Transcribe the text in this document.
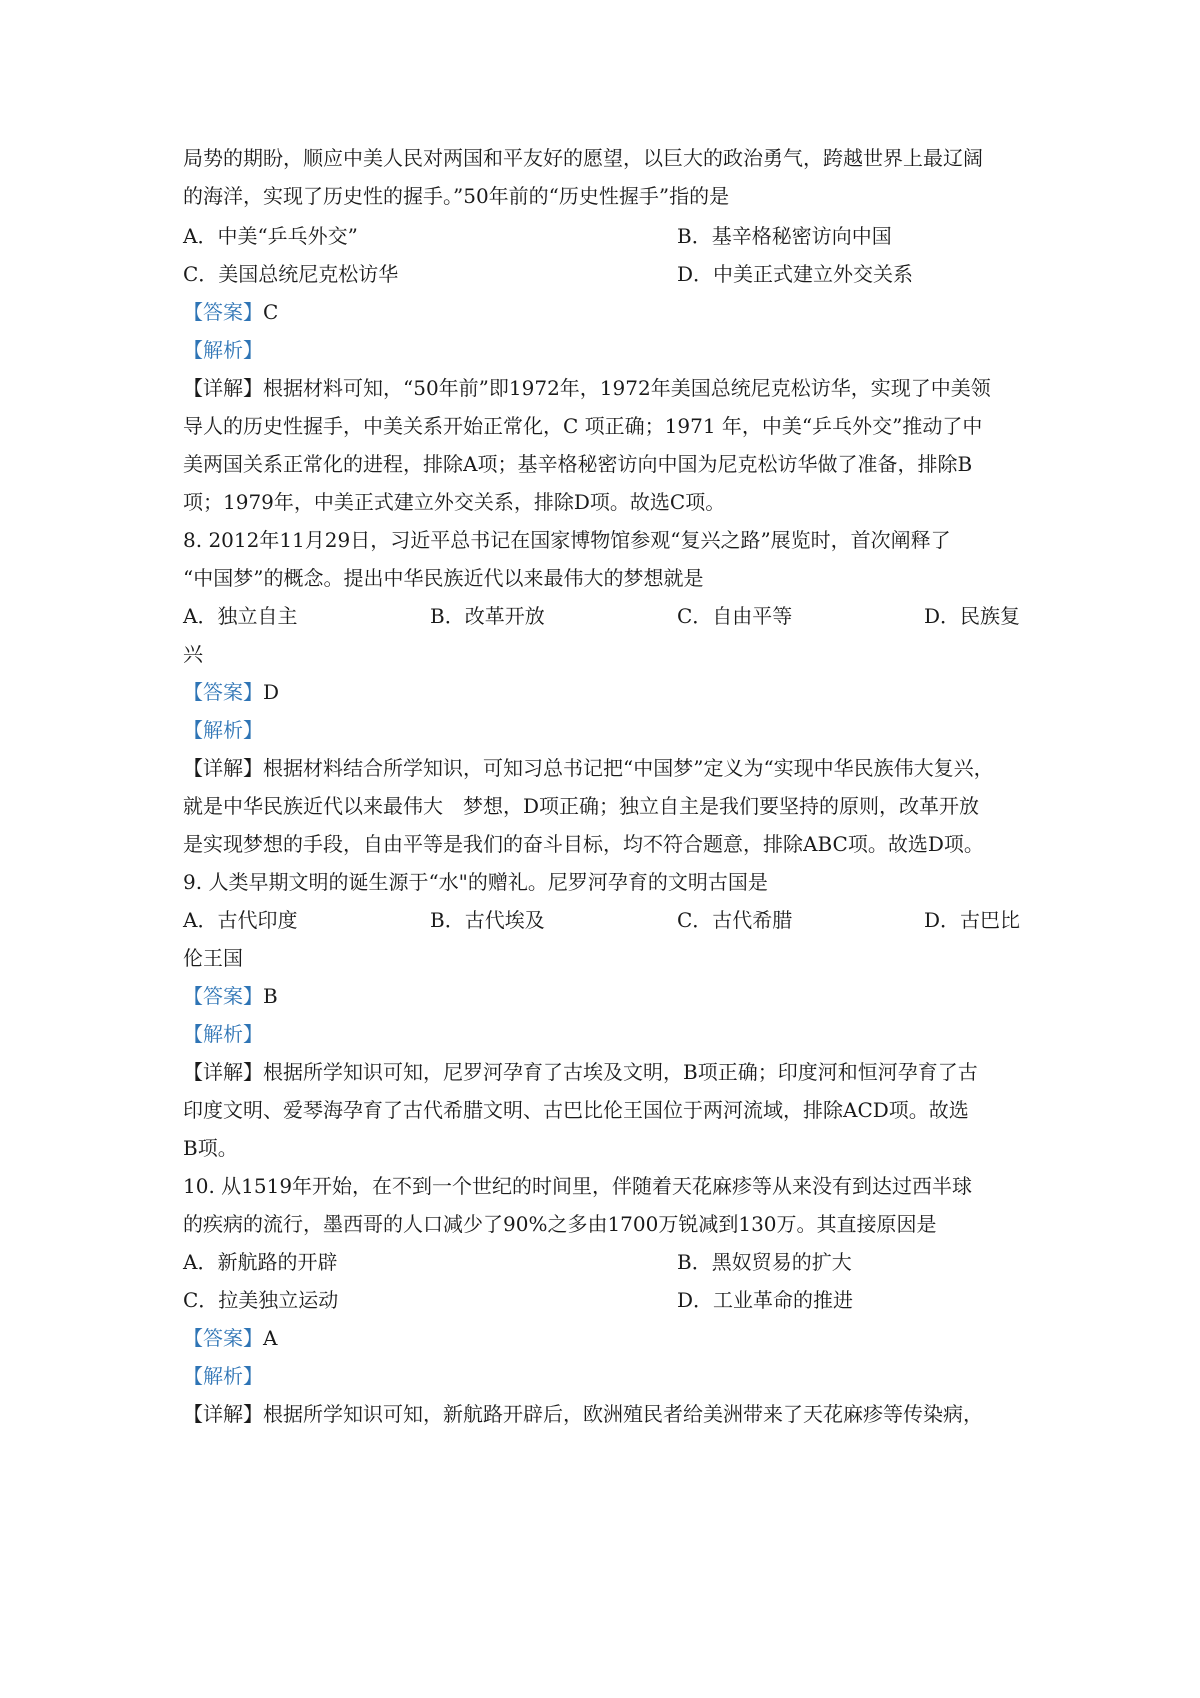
局势的期盼，顺应中美人民对两国和平友好的愿望，以巨大的政治勇气，跨越世界上最辽阔
的海洋，实现了历史性的握手。”50年前的“历史性握手”指的是
A．中美“乒乓外交”	B．基辛格秘密访向中国
C．美国总统尼克松访华	D．中美正式建立外交关系
【答案】C
【解析】
【详解】根据材料可知，“50年前”即1972年，1972年美国总统尼克松访华，实现了中美领
导人的历史性握手，中美关系开始正常化，C 项正确；1971 年，中美“乒乓外交”推动了中
美两国关系正常化的进程，排除A项；基辛格秘密访向中国为尼克松访华做了准备，排除B
项；1979年，中美正式建立外交关系，排除D项。故选C项。
8. 2012年11月29日，习近平总书记在国家博物馆参观“复兴之路”展览时，首次阐释了
“中国梦”的概念。提出中华民族近代以来最伟大的梦想就是
A．独立自主	B．改革开放	C．自由平等	D．民族复
兴
【答案】D
【解析】
【详解】根据材料结合所学知识，可知习总书记把“中国梦”定义为“实现中华民族伟大复兴，
就是中华民族近代以来最伟大　梦想，D项正确；独立自主是我们要坚持的原则，改革开放
是实现梦想的手段，自由平等是我们的奋斗目标，均不符合题意，排除ABC项。故选D项。
9. 人类早期文明的诞生源于“水"的赠礼。尼罗河孕育的文明古国是
A．古代印度	B．古代埃及	C．古代希腊	D．古巴比
伦王国
【答案】B
【解析】
【详解】根据所学知识可知，尼罗河孕育了古埃及文明，B项正确；印度河和恒河孕育了古
印度文明、爱琴海孕育了古代希腊文明、古巴比伦王国位于两河流域，排除ACD项。故选
B项。
10. 从1519年开始，在不到一个世纪的时间里，伴随着天花麻疹等从来没有到达过西半球
的疾病的流行，墨西哥的人口减少了90%之多由1700万锐减到130万。其直接原因是
A．新航路的开辟	B．黑奴贸易的扩大
C．拉美独立运动	D．工业革命的推进
【答案】A
【解析】
【详解】根据所学知识可知，新航路开辟后，欧洲殖民者给美洲带来了天花麻疹等传染病，
